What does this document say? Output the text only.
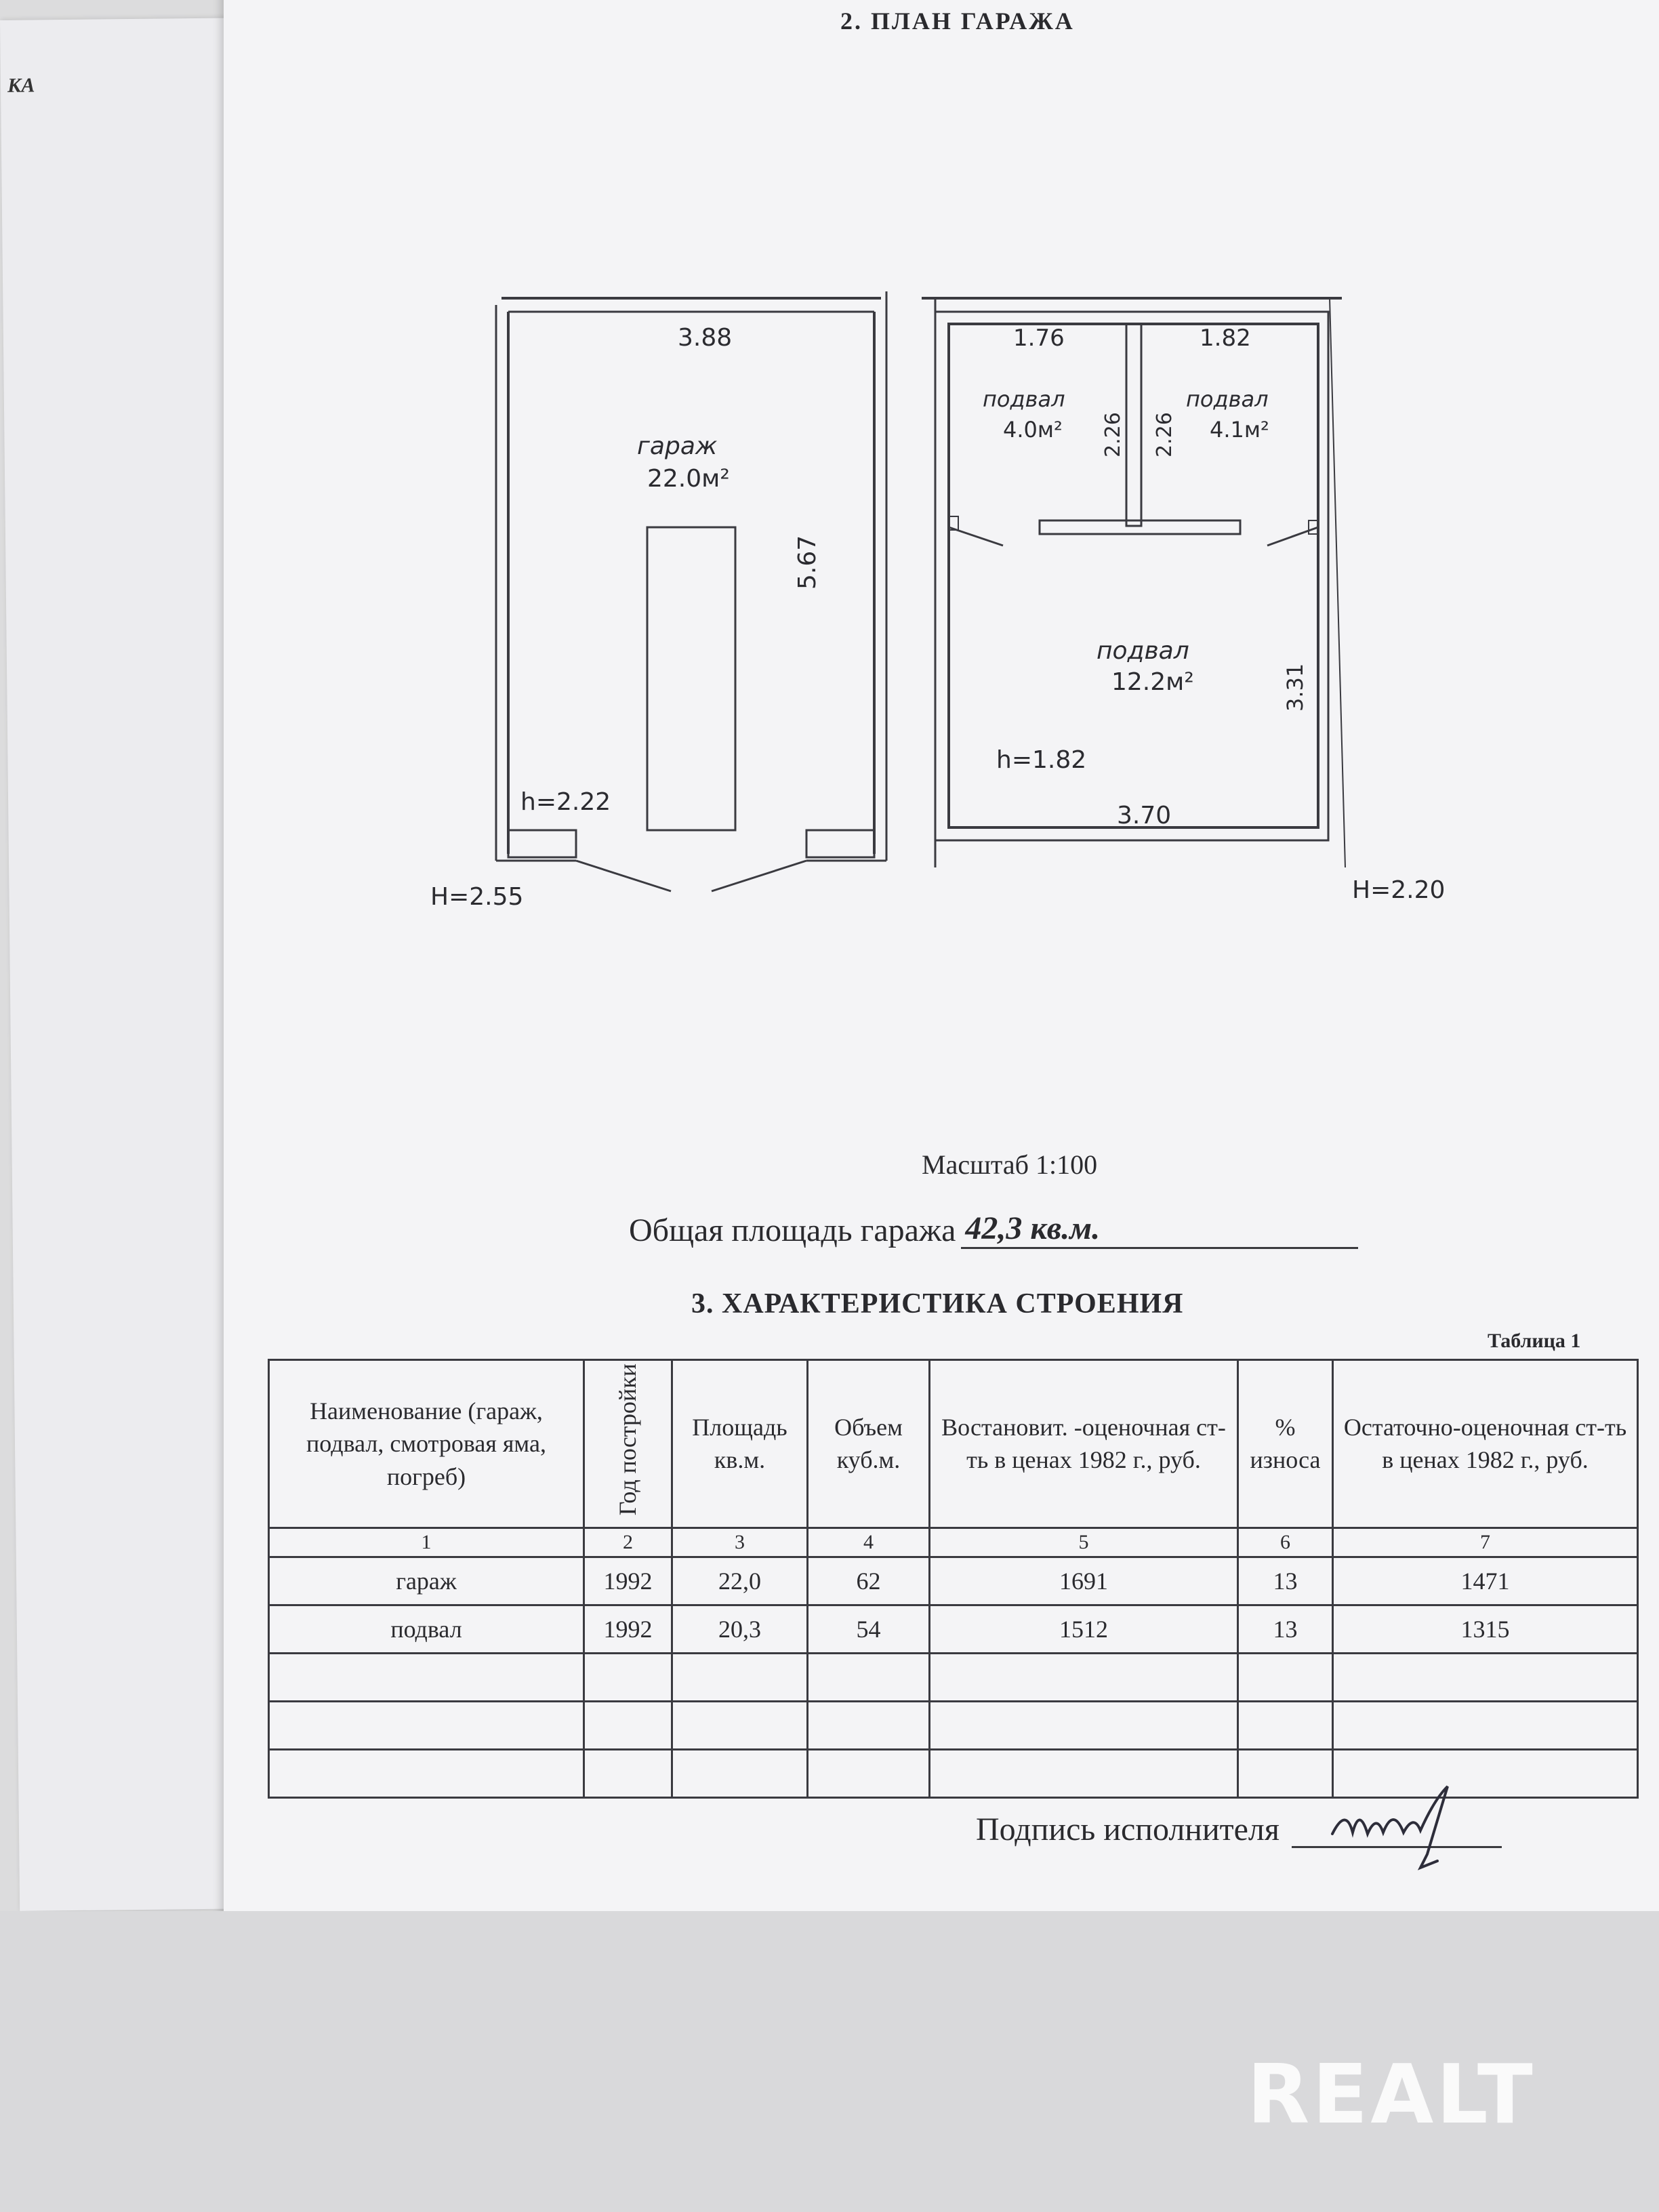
КА
2. ПЛАН ГАРАЖА
3.88
гараж
22.0м²
5.67
h=2.22
H=2.55
1.76	1.82
подвал
4.0м²
подвал
4.1м²
2.26 2.26
подвал
12.2м²	3.31
h=1.82
3.70
H=2.20
Масштаб 1:100
Общая площадь гаража 42,3 кв.м.
3. ХАРАКТЕРИСТИКА СТРОЕНИЯ
Таблица 1
Наименование (гараж, подвал, смотровая яма, погреб)	Год постройки	Площадь кв.м.	Объем куб.м.	Востановит. -оценочная ст-ть в ценах 1982 г., руб.	% износа	Остаточно-оценочная ст-ть в ценах 1982 г., руб.
1	2	3	4	5	6	7
гараж	1992	22,0	62	1691	13	1471
подвал	1992	20,3	54	1512	13	1315

Подпись исполнителя
REALT
